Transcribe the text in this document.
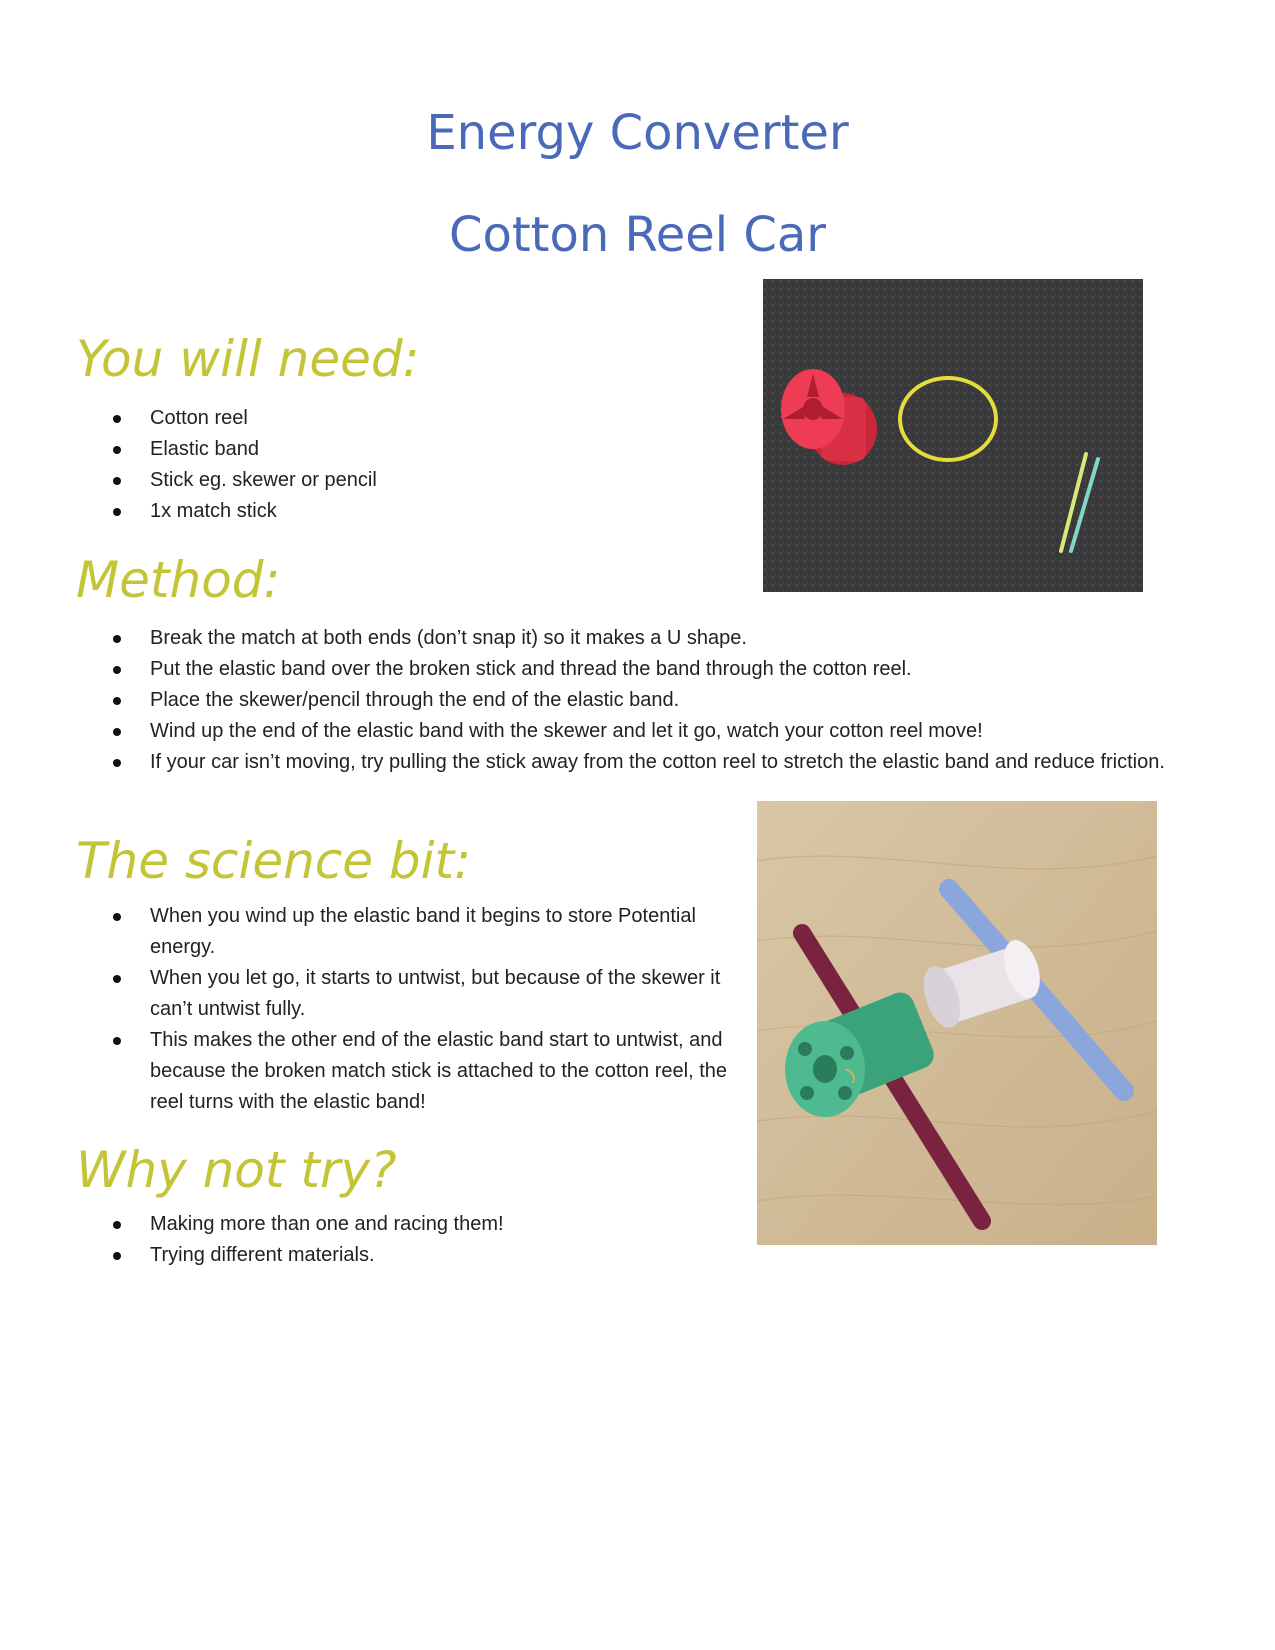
Energy Converter
Cotton Reel Car
You will need:
Cotton reel
Elastic band
Stick eg. skewer or pencil
1x match stick
Method:
Break the match at both ends (don’t snap it) so it makes a U shape.
Put the elastic band over the broken stick and thread the band through the cotton reel.
Place the skewer/pencil through the end of the elastic band.
Wind up the end of the elastic band with the skewer and let it go, watch your cotton reel move!
If your car isn’t moving, try pulling the stick away from the cotton reel to stretch the elastic band and reduce friction.
The science bit:
When you wind up the elastic band it begins to store Potential energy.
When you let go, it starts to untwist, but because of the skewer it can’t untwist fully.
This makes the other end of the elastic band start to untwist, and because the broken match stick is attached to the cotton reel, the reel turns with the elastic band!
Why not try?
Making more than one and racing them!
Trying different materials.
